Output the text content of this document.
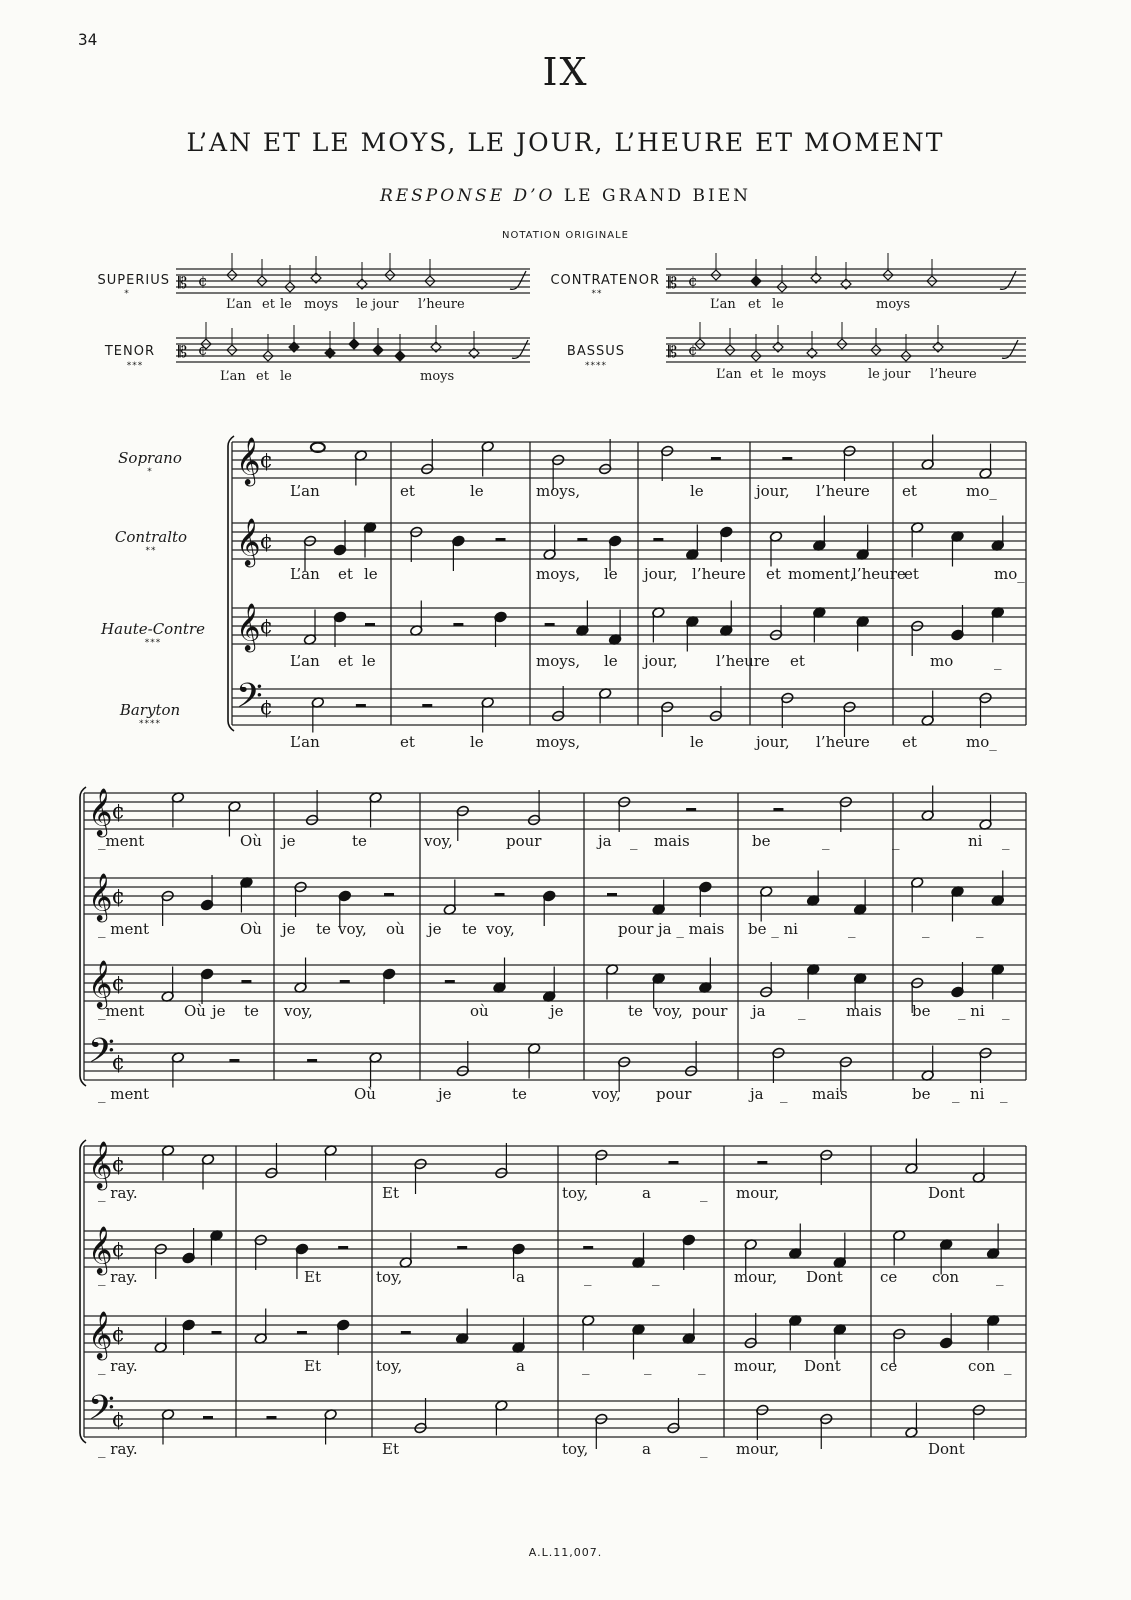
𝄡 ¢	𝄡 ¢
𝄡 ¢	𝄡 ¢
𝄞
¢
𝄞
¢
𝄞
¢
𝄢
¢
𝄞
¢
𝄞
¢
𝄞
¢
𝄢
¢
𝄞
¢
𝄞
¢
𝄞
¢
𝄢
¢
34
IX
L’AN ET LE MOYS, LE JOUR, L’HEURE ET MOMENT
RESPONSE D’O LE GRAND BIEN
NOTATION ORIGINALE
SUPERIUS
*
CONTRATENOR
**
TENOR
***
BASSUS
****
L’an et le moys le jour l’heure	L’an et le	moys
L’an et le	moys	L’an et le moys	le jour l’heure
Soprano
*
Contralto
**
Haute-Contre
***
Baryton
****
L’an	et	le	moys,	le	jour, l’heure et	mo_
L’an et le	moys, le jour, l’heure et moment,
l’heure
et	mo_
L’an et le	moys, le jour,	l’heure et	mo	_
L’an	et	le	moys,	le	jour, l’heure et	mo_
_ment	Où je	te	voy,	pour	ja _ mais	be	_	_	ni _
_ ment	Où je te voy, où je te voy,	pour ja _ mais be _ ni	_	_	_
_ment	Où je te voy,	où	je	te voy, pour ja _	mais be _ ni _
_ ment	Où	je	te	voy, pour	ja _ mais	be _ ni _
_ ray.	Et	toy,	a	_ mour,	Dont
_ ray.	Et	toy,	a	_	_	mour, Dont ce con _
_ ray.	Et	toy,	a	_	_	_ mour, Dont	ce	con _
_ ray.	Et	toy,	a	_ mour,	Dont
A.L.11,007.
